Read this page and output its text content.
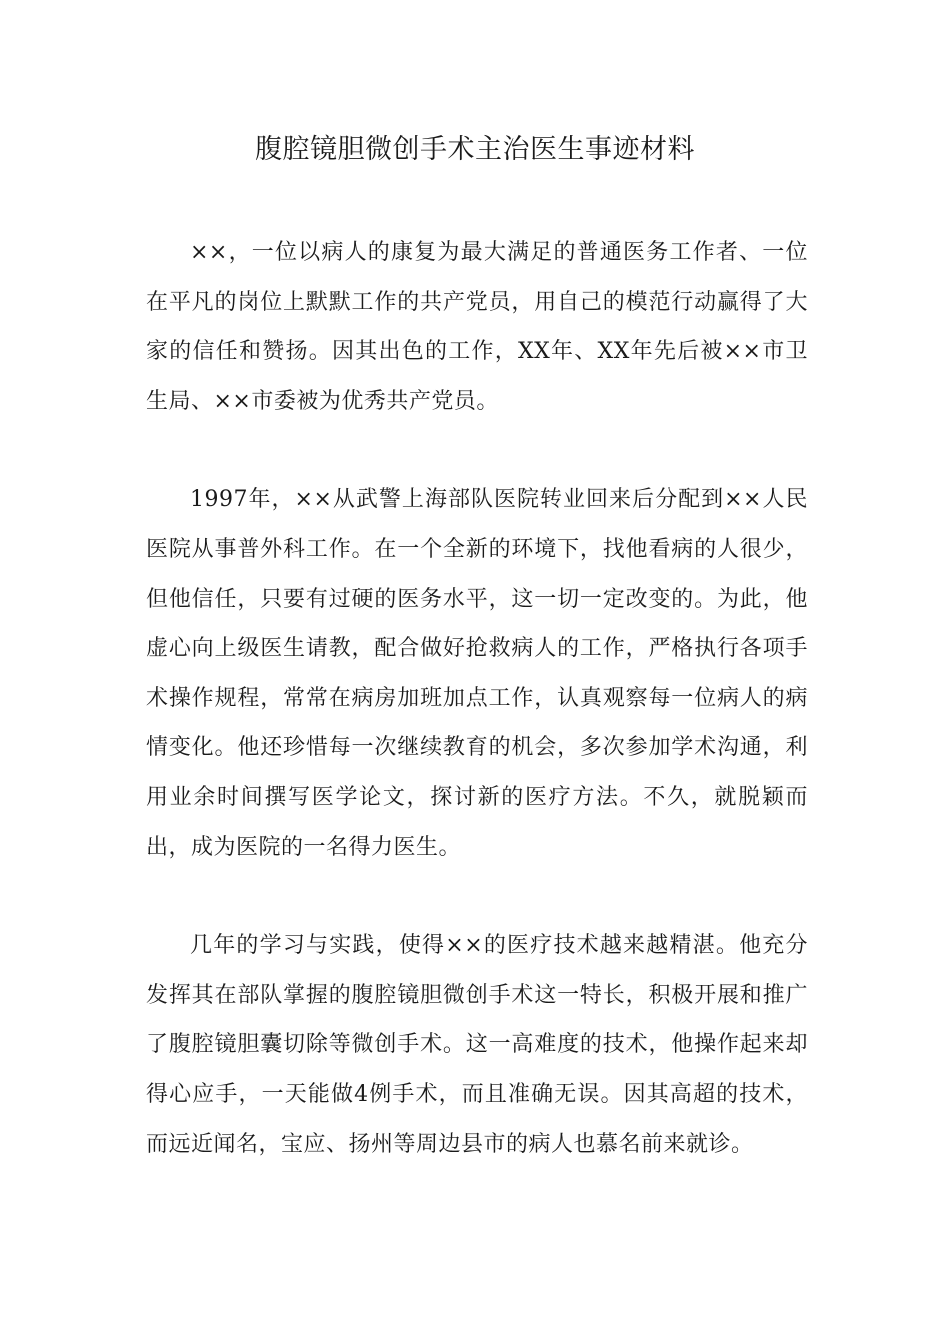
腹腔镜胆微创手术主治医生事迹材料

××，一位以病人的康复为最大满足的普通医务工作者、一位在平凡的岗位上默默工作的共产党员，用自己的模范行动赢得了大家的信任和赞扬。因其出色的工作，XX年、XX年先后被××市卫生局、××市委被为优秀共产党员。

1997年，××从武警上海部队医院转业回来后分配到××人民医院从事普外科工作。在一个全新的环境下，找他看病的人很少，但他信任，只要有过硬的医务水平，这一切一定改变的。为此，他虚心向上级医生请教，配合做好抢救病人的工作，严格执行各项手术操作规程，常常在病房加班加点工作，认真观察每一位病人的病情变化。他还珍惜每一次继续教育的机会，多次参加学术沟通，利用业余时间撰写医学论文，探讨新的医疗方法。不久，就脱颖而出，成为医院的一名得力医生。

几年的学习与实践，使得××的医疗技术越来越精湛。他充分发挥其在部队掌握的腹腔镜胆微创手术这一特长，积极开展和推广了腹腔镜胆囊切除等微创手术。这一高难度的技术，他操作起来却得心应手，一天能做4例手术，而且准确无误。因其高超的技术，而远近闻名，宝应、扬州等周边县市的病人也慕名前来就诊。
